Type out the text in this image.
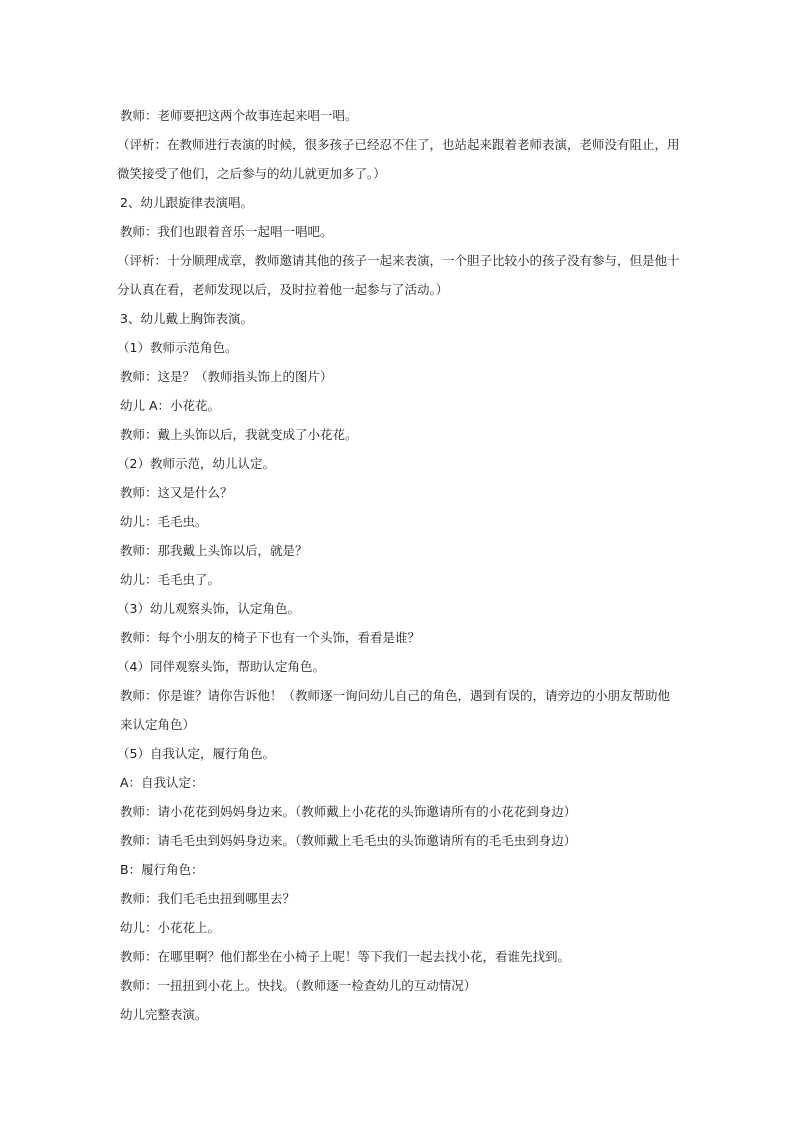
教师：老师要把这两个故事连起来唱一唱。

（评析：在教师进行表演的时候，很多孩子已经忍不住了，也站起来跟着老师表演，老师没有阻止，用微笑接受了他们，之后参与的幼儿就更加多了。）

2、幼儿跟旋律表演唱。

教师：我们也跟着音乐一起唱一唱吧。

（评析：十分顺理成章，教师邀请其他的孩子一起来表演，一个胆子比较小的孩子没有参与，但是他十分认真在看，老师发现以后，及时拉着他一起参与了活动。）

3、幼儿戴上胸饰表演。

（1）教师示范角色。

教师：这是？（教师指头饰上的图片）

幼儿 A：小花花。

教师：戴上头饰以后，我就变成了小花花。

（2）教师示范，幼儿认定。

教师：这又是什么？

幼儿：毛毛虫。

教师：那我戴上头饰以后，就是？

幼儿：毛毛虫了。

（3）幼儿观察头饰，认定角色。

教师：每个小朋友的椅子下也有一个头饰，看看是谁？

（4）同伴观察头饰，帮助认定角色。

教师：你是谁？请你告诉他！（教师逐一询问幼儿自己的角色，遇到有误的，请旁边的小朋友帮助他来认定角色）

（5）自我认定，履行角色。

A：自我认定：

教师：请小花花到妈妈身边来。（教师戴上小花花的头饰邀请所有的小花花到身边）

教师：请毛毛虫到妈妈身边来。（教师戴上毛毛虫的头饰邀请所有的毛毛虫到身边）

B：履行角色：

教师：我们毛毛虫扭到哪里去？

幼儿：小花花上。

教师：在哪里啊？他们都坐在小椅子上呢！等下我们一起去找小花，看谁先找到。

教师：一扭扭到小花上。快找。（教师逐一检查幼儿的互动情况）

幼儿完整表演。
